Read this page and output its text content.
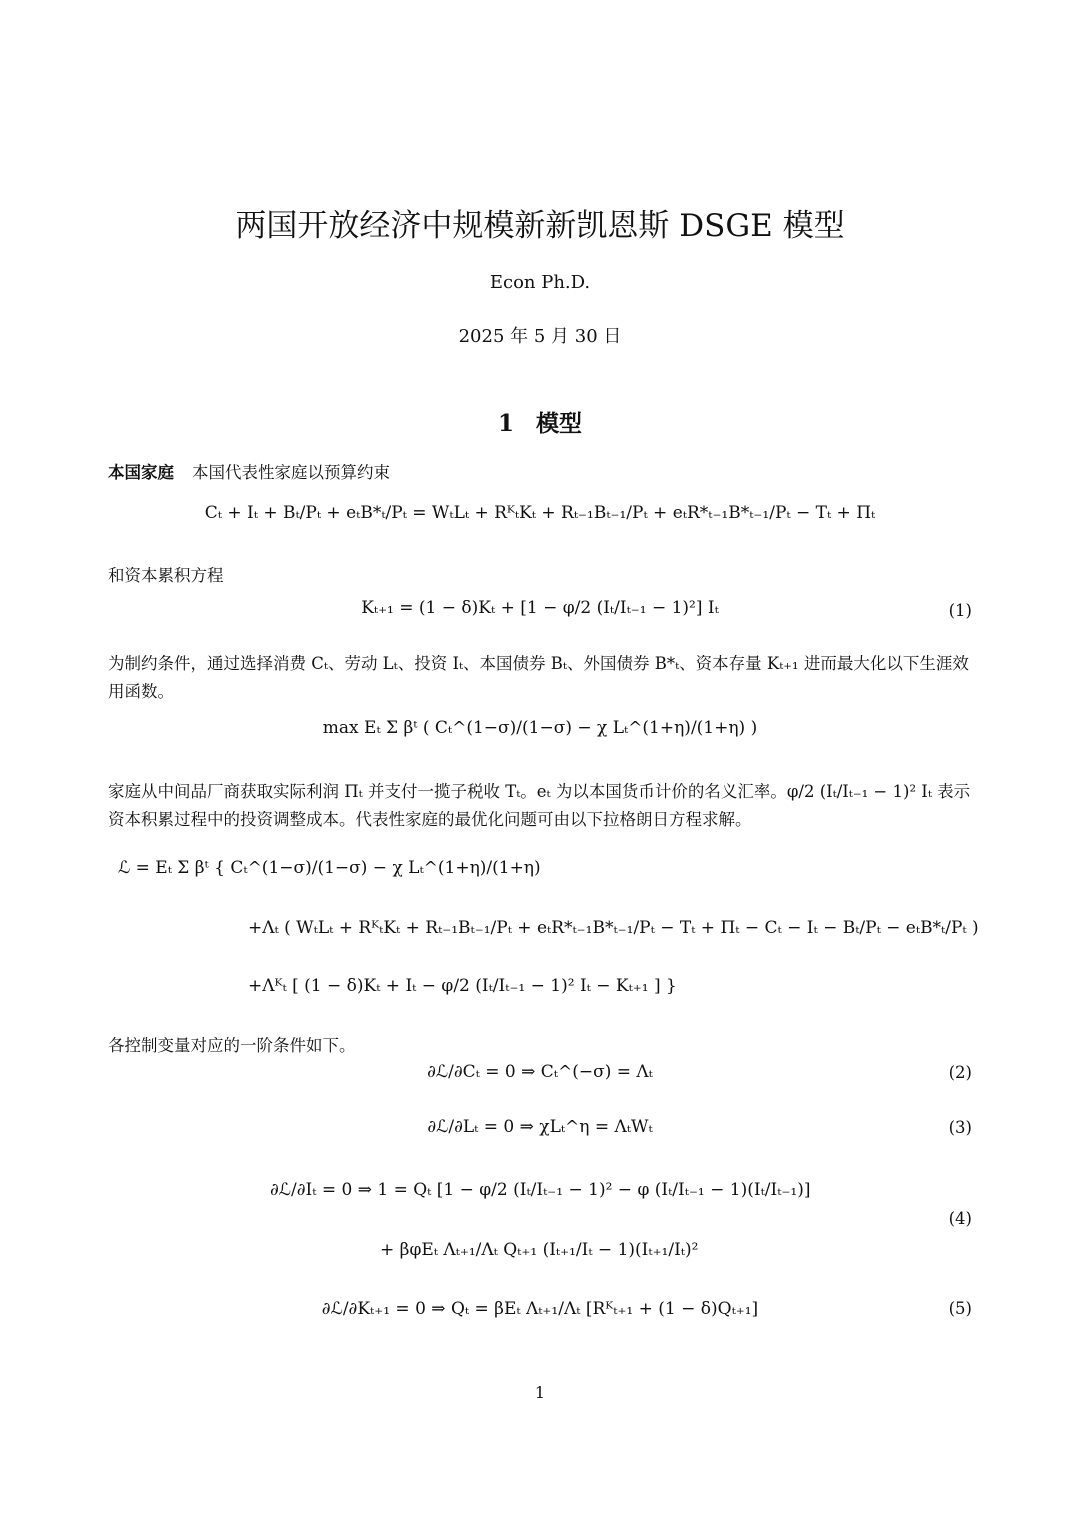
两国开放经济中规模新新凯恩斯 DSGE 模型
Econ Ph.D.
2025 年 5 月 30 日
1 模型
本国家庭 本国代表性家庭以预算约束
Cₜ + Iₜ + Bₜ/Pₜ + eₜB*ₜ/Pₜ = WₜLₜ + RᴷₜKₜ + Rₜ₋₁Bₜ₋₁/Pₜ + eₜR*ₜ₋₁B*ₜ₋₁/Pₜ − Tₜ + Πₜ
和资本累积方程
Kₜ₊₁ = (1 − δ)Kₜ + [1 − φ/2 (Iₜ/Iₜ₋₁ − 1)²] Iₜ	(1)
为制约条件，通过选择消费 Cₜ、劳动 Lₜ、投资 Iₜ、本国债券 Bₜ、外国债券 B*ₜ、资本存量 Kₜ₊₁ 进而最大化以下生涯效用函数。
max Eₜ Σ βᵗ ( Cₜ^(1−σ)/(1−σ) − χ Lₜ^(1+η)/(1+η) )
家庭从中间品厂商获取实际利润 Πₜ 并支付一揽子税收 Tₜ。eₜ 为以本国货币计价的名义汇率。φ/2 (Iₜ/Iₜ₋₁ − 1)² Iₜ 表示资本积累过程中的投资调整成本。代表性家庭的最优化问题可由以下拉格朗日方程求解。
ℒ = Eₜ Σ βᵗ { Cₜ^(1−σ)/(1−σ) − χ Lₜ^(1+η)/(1+η)
+Λₜ ( WₜLₜ + RᴷₜKₜ + Rₜ₋₁Bₜ₋₁/Pₜ + eₜR*ₜ₋₁B*ₜ₋₁/Pₜ − Tₜ + Πₜ − Cₜ − Iₜ − Bₜ/Pₜ − eₜB*ₜ/Pₜ )
+Λᴷₜ [ (1 − δ)Kₜ + Iₜ − φ/2 (Iₜ/Iₜ₋₁ − 1)² Iₜ − Kₜ₊₁ ] }
各控制变量对应的一阶条件如下。
∂ℒ/∂Cₜ = 0 ⇒ Cₜ^(−σ) = Λₜ	(2)
∂ℒ/∂Lₜ = 0 ⇒ χLₜ^η = ΛₜWₜ	(3)
∂ℒ/∂Iₜ = 0 ⇒ 1 = Qₜ [1 − φ/2 (Iₜ/Iₜ₋₁ − 1)² − φ (Iₜ/Iₜ₋₁ − 1)(Iₜ/Iₜ₋₁)]
+ βφEₜ Λₜ₊₁/Λₜ Qₜ₊₁ (Iₜ₊₁/Iₜ − 1)(Iₜ₊₁/Iₜ)²
(4)
∂ℒ/∂Kₜ₊₁ = 0 ⇒ Qₜ = βEₜ Λₜ₊₁/Λₜ [Rᴷₜ₊₁ + (1 − δ)Qₜ₊₁]	(5)
1
